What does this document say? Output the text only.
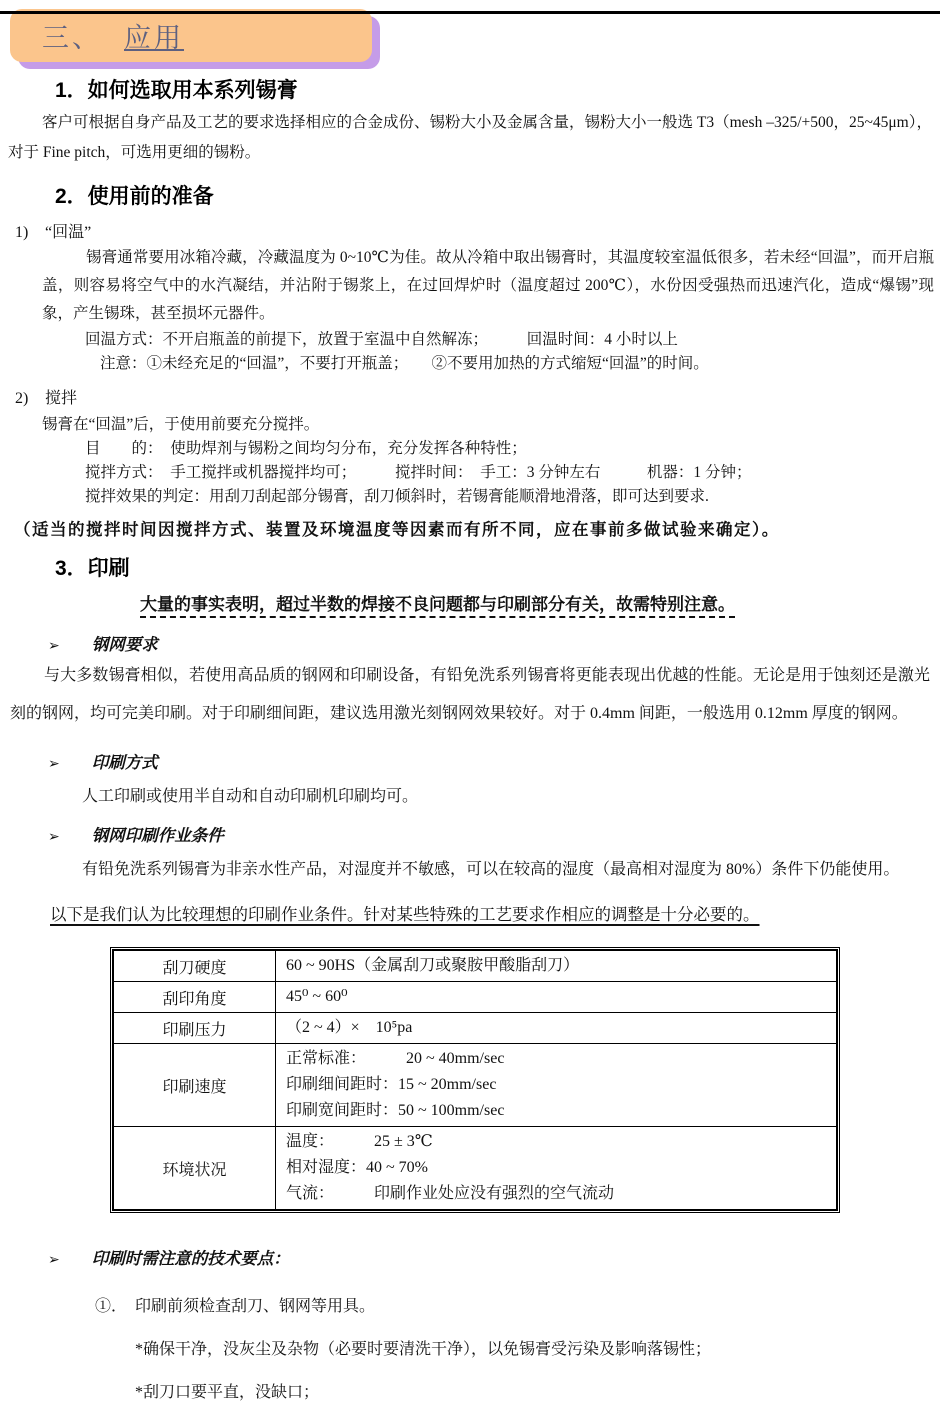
三、 应用
1．如何选取用本系列锡膏
客户可根据自身产品及工艺的要求选择相应的合金成份、锡粉大小及金属含量，锡粉大小一般选 T3（mesh –325/+500，25~45μm），对于 Fine pitch，可选用更细的锡粉。
2．使用前的准备
1) “回温”
锡膏通常要用冰箱冷藏，冷藏温度为 0~10℃为佳。故从冷箱中取出锡膏时，其温度较室温低很多，若未经“回温”，而开启瓶盖，则容易将空气中的水汽凝结，并沾附于锡浆上，在过回焊炉时（温度超过 200℃），水份因受强热而迅速汽化，造成“爆锡”现象，产生锡珠，甚至损坏元器件。
回温方式：不开启瓶盖的前提下，放置于室温中自然解冻；　　　回温时间：4 小时以上
注意：①未经充足的“回温”，不要打开瓶盖；　　②不要用加热的方式缩短“回温”的时间。
2) 搅拌
锡膏在“回温”后，于使用前要充分搅拌。
目　　的：　使助焊剂与锡粉之间均匀分布，充分发挥各种特性；
搅拌方式：　手工搅拌或机器搅拌均可；　　　搅拌时间：　手工：3 分钟左右　　　机器：1 分钟；
搅拌效果的判定：用刮刀刮起部分锡膏，刮刀倾斜时，若锡膏能顺滑地滑落，即可达到要求.
（适当的搅拌时间因搅拌方式、装置及环境温度等因素而有所不同，应在事前多做试验来确定）。
3．印刷
大量的事实表明，超过半数的焊接不良问题都与印刷部分有关，故需特别注意。
➢ 钢网要求
与大多数锡膏相似，若使用高品质的钢网和印刷设备，有铅免洗系列锡膏将更能表现出优越的性能。无论是用于蚀刻还是激光刻的钢网，均可完美印刷。对于印刷细间距，建议选用激光刻钢网效果较好。对于 0.4mm 间距，一般选用 0.12mm 厚度的钢网。
➢ 印刷方式
人工印刷或使用半自动和自动印刷机印刷均可。
➢ 钢网印刷作业条件
有铅免洗系列锡膏为非亲水性产品，对湿度并不敏感，可以在较高的湿度（最高相对湿度为 80%）条件下仍能使用。
以下是我们认为比较理想的印刷作业条件。针对某些特殊的工艺要求作相应的调整是十分必要的。
刮刀硬度	60 ~ 90HS（金属刮刀或聚胺甲酸脂刮刀）

刮印角度	45⁰ ~ 60⁰

印刷压力	（2 ~ 4）×　10⁵pa

印刷速度	正常标准：　　　20 ~ 40mm/sec
印刷细间距时：15 ~ 20mm/sec
印刷宽间距时：50 ~ 100mm/sec

环境状况	温度：　　　25 ± 3℃
相对湿度：40 ~ 70%
气流：　　　印刷作业处应没有强烈的空气流动
➢ 印刷时需注意的技术要点：
①．　印刷前须检查刮刀、钢网等用具。
*确保干净，没灰尘及杂物（必要时要清洗干净），以免锡膏受污染及影响落锡性；
*刮刀口要平直，没缺口；
